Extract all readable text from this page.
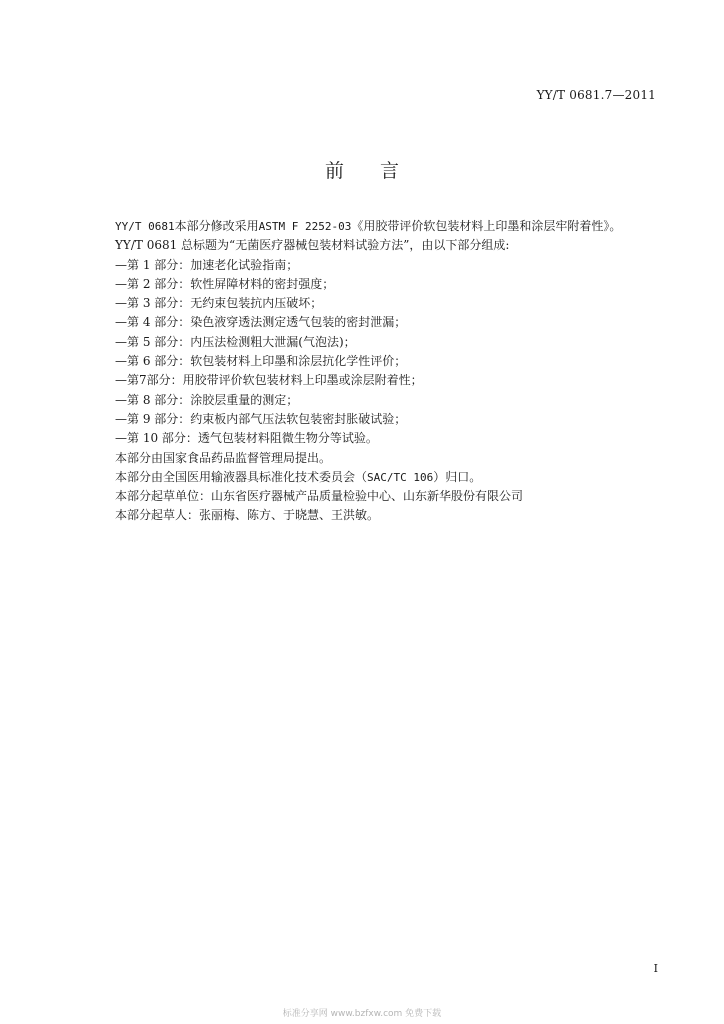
YY/T 0681.7—2011
前 言
YY/T 0681本部分修改采用ASTM F 2252-03《用胶带评价软包装材料上印墨和涂层牢附着性》。
YY/T 0681 总标题为“无菌医疗器械包装材料试验方法”，由以下部分组成:
—第 1 部分：加速老化试验指南；
—第 2 部分：软性屏障材料的密封强度；
—第 3 部分：无约束包装抗内压破坏；
—第 4 部分：染色液穿透法测定透气包装的密封泄漏；
—第 5 部分：内压法检测粗大泄漏(气泡法)；
—第 6 部分：软包装材料上印墨和涂层抗化学性评价；
—第7部分：用胶带评价软包装材料上印墨或涂层附着性；
—第 8 部分：涂胶层重量的测定；
—第 9 部分：约束板内部气压法软包装密封胀破试验；
—第 10 部分：透气包装材料阻微生物分等试验。
本部分由国家食品药品监督管理局提出。
本部分由全国医用输液器具标准化技术委员会（SAC/TC 106）归口。
本部分起草单位：山东省医疗器械产品质量检验中心、山东新华股份有限公司
本部分起草人：张丽梅、陈方、于晓慧、王洪敏。
I
标准分享网 www.bzfxw.com 免费下载
